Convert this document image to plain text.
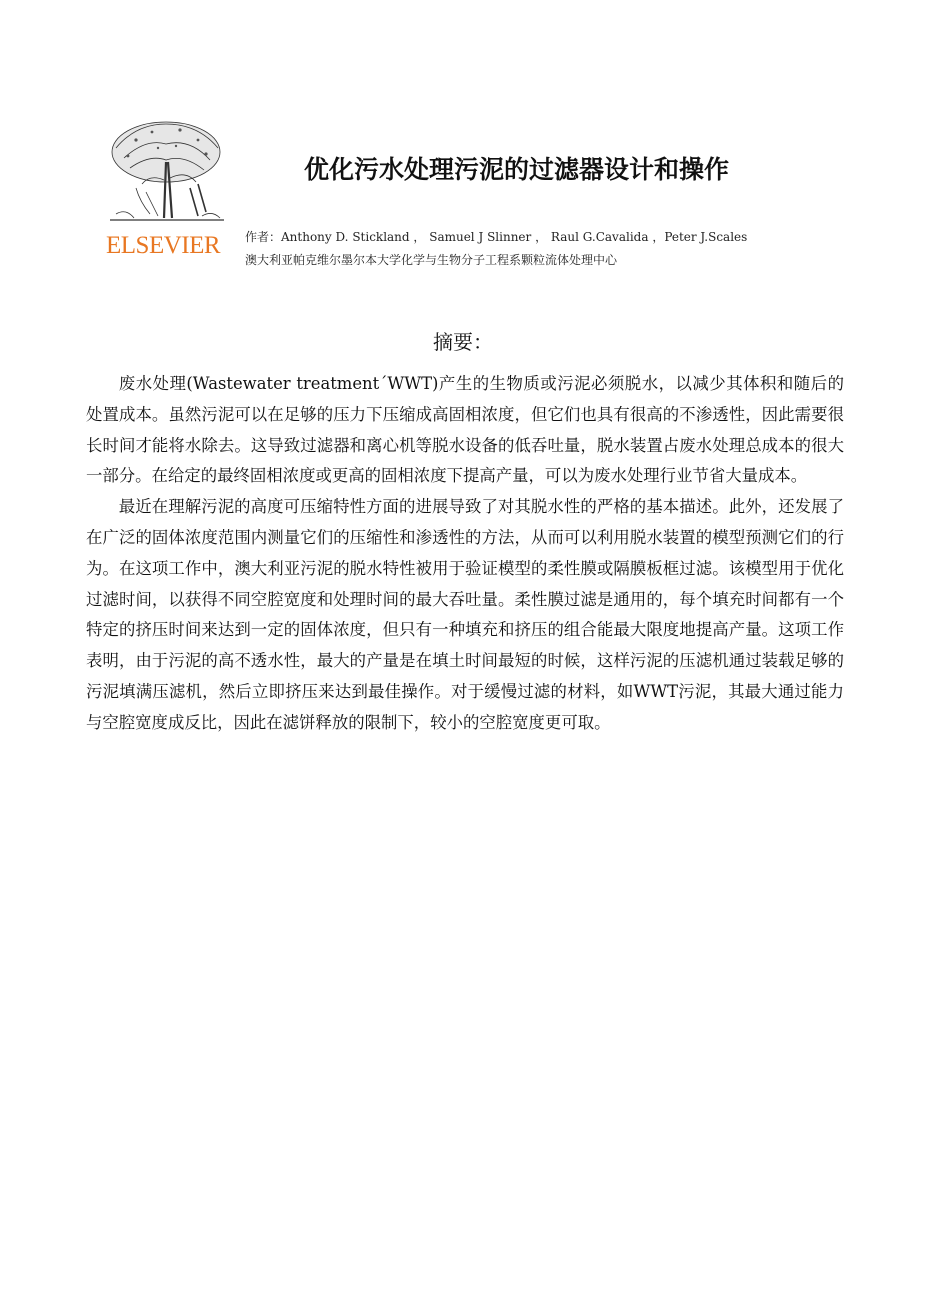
ELSEVIER
优化污水处理污泥的过滤器设计和操作
作者：Anthony D. Stickland ， Samuel J Slinner ， Raul G.Cavalida ，Peter J.Scales
澳大利亚帕克维尔墨尔本大学化学与生物分子工程系颗粒流体处理中心
摘要：

废水处理(Wastewater treatment´WWT)产生的生物质或污泥必须脱水，以减少其体积和随后的处置成本。虽然污泥可以在足够的压力下压缩成高固相浓度，但它们也具有很高的不渗透性，因此需要很长时间才能将水除去。这导致过滤器和离心机等脱水设备的低吞吐量，脱水装置占废水处理总成本的很大一部分。在给定的最终固相浓度或更高的固相浓度下提高产量，可以为废水处理行业节省大量成本。

最近在理解污泥的高度可压缩特性方面的进展导致了对其脱水性的严格的基本描述。此外，还发展了在广泛的固体浓度范围内测量它们的压缩性和渗透性的方法，从而可以利用脱水装置的模型预测它们的行为。在这项工作中，澳大利亚污泥的脱水特性被用于验证模型的柔性膜或隔膜板框过滤。该模型用于优化过滤时间，以获得不同空腔宽度和处理时间的最大吞吐量。柔性膜过滤是通用的，每个填充时间都有一个特定的挤压时间来达到一定的固体浓度，但只有一种填充和挤压的组合能最大限度地提高产量。这项工作表明，由于污泥的高不透水性，最大的产量是在填土时间最短的时候，这样污泥的压滤机通过装载足够的污泥填满压滤机，然后立即挤压来达到最佳操作。对于缓慢过滤的材料，如WWT污泥，其最大通过能力与空腔宽度成反比，因此在滤饼释放的限制下，较小的空腔宽度更可取。
